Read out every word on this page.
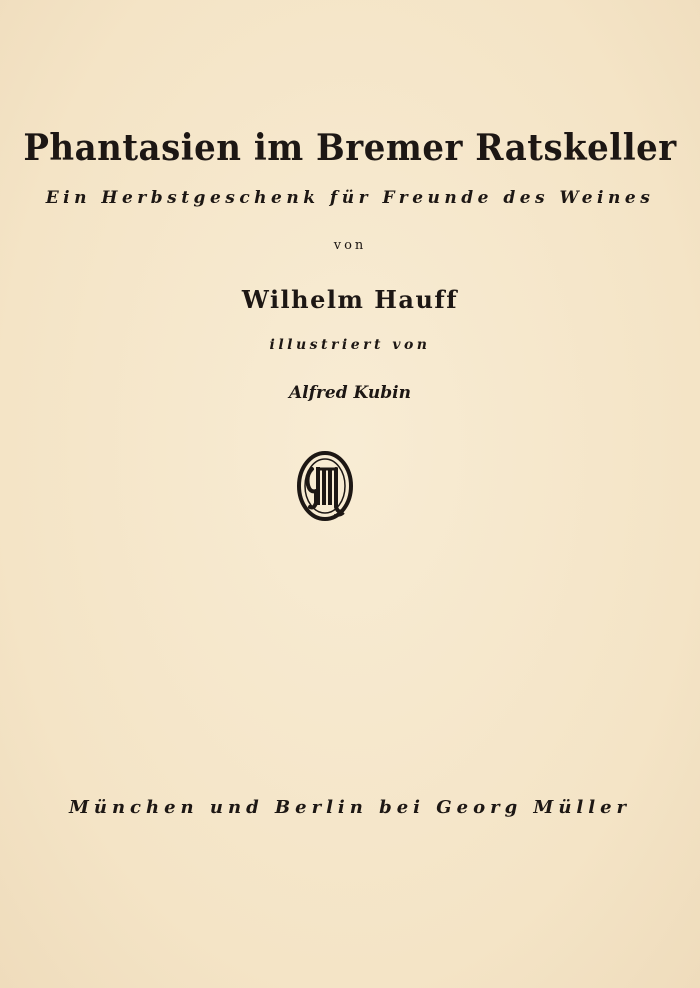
Phantasien im Bremer Ratskeller
Ein Herbstgeschenk für Freunde des Weines
von
Wilhelm Hauff
illustriert von
Alfred Kubin
München und Berlin bei Georg Müller
